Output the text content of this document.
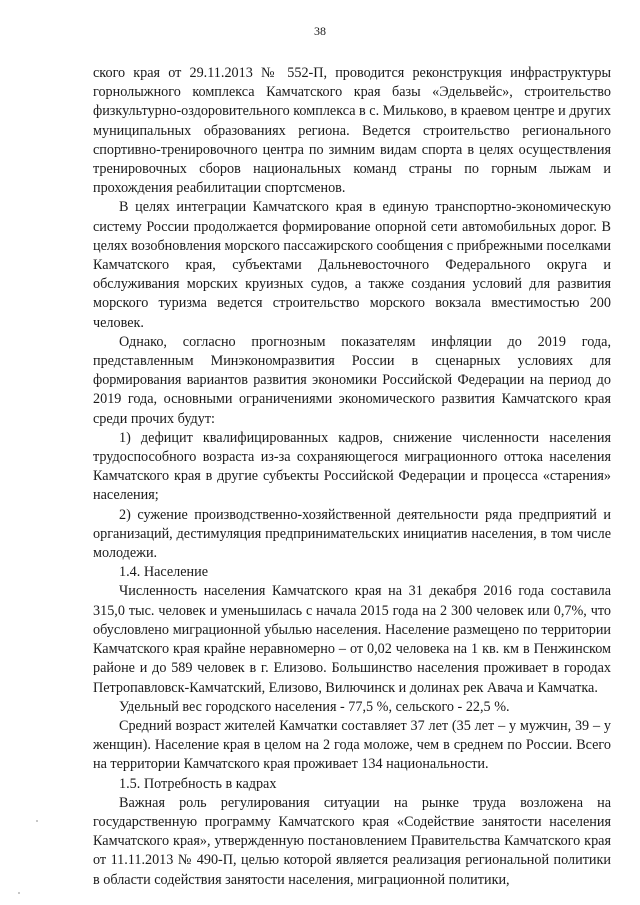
38

ского края от 29.11.2013 № 552-П, проводится реконструкция инфраструктуры горнолыжного комплекса Камчатского края базы «Эдельвейс», строительство физкультурно-оздоровительного комплекса в с. Мильково, в краевом центре и других муниципальных образованиях региона. Ведется строительство регионального спортивно-тренировочного центра по зимним видам спорта в целях осуществления тренировочных сборов национальных команд страны по горным лыжам и прохождения реабилитации спортсменов.

В целях интеграции Камчатского края в единую транспортно-экономическую систему России продолжается формирование опорной сети автомобильных дорог. В целях возобновления морского пассажирского сообщения с прибрежными поселками Камчатского края, субъектами Дальневосточного Федерального округа и обслуживания морских круизных судов, а также создания условий для развития морского туризма ведется строительство морского вокзала вместимостью 200 человек.

Однако, согласно прогнозным показателям инфляции до 2019 года, представленным Минэкономразвития России в сценарных условиях для формирования вариантов развития экономики Российской Федерации на период до 2019 года, основными ограничениями экономического развития Камчатского края среди прочих будут:

1) дефицит квалифицированных кадров, снижение численности населения трудоспособного возраста из-за сохраняющегося миграционного оттока населения Камчатского края в другие субъекты Российской Федерации и процесса «старения» населения;

2) сужение производственно-хозяйственной деятельности ряда предприятий и организаций, дестимуляция предпринимательских инициатив населения, в том числе молодежи.

1.4. Население

Численность населения Камчатского края на 31 декабря 2016 года составила 315,0 тыс. человек и уменьшилась с начала 2015 года на 2 300 человек или 0,7%, что обусловлено миграционной убылью населения. Население размещено по территории Камчатского края крайне неравномерно – от 0,02 человека на 1 кв. км в Пенжинском районе и до 589 человек в г. Елизово. Большинство населения проживает в городах Петропавловск-Камчатский, Елизово, Вилючинск и долинах рек Авача и Камчатка.

Удельный вес городского населения - 77,5 %, сельского - 22,5 %.

Средний возраст жителей Камчатки составляет 37 лет (35 лет – у мужчин, 39 – у женщин). Население края в целом на 2 года моложе, чем в среднем по России. Всего на территории Камчатского края проживает 134 национальности.

1.5. Потребность в кадрах

Важная роль регулирования ситуации на рынке труда возложена на государственную программу Камчатского края «Содействие занятости населения Камчатского края», утвержденную постановлением Правительства Камчатского края от 11.11.2013 № 490-П, целью которой является реализация региональной политики в области содействия занятости населения, миграционной политики,
